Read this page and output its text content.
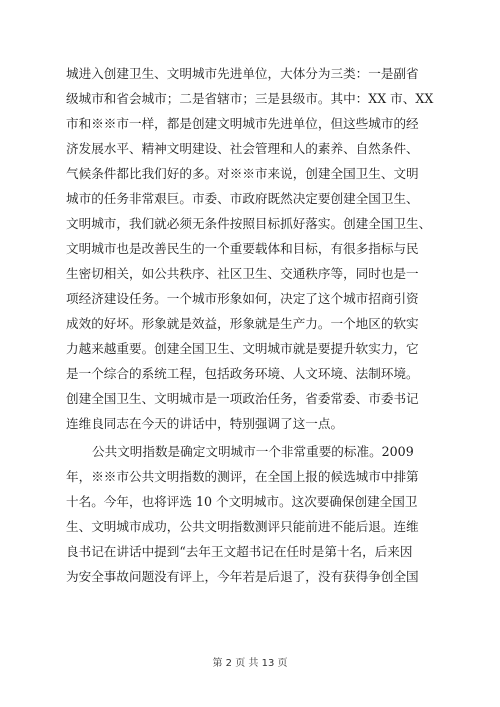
城进入创建卫生、文明城市先进单位，大体分为三类：一是副省
级城市和省会城市；二是省辖市；三是县级市。其中：XX 市、XX
市和※※市一样，都是创建文明城市先进单位，但这些城市的经
济发展水平、精神文明建设、社会管理和人的素养、自然条件、
气候条件都比我们好的多。对※※市来说，创建全国卫生、文明
城市的任务非常艰巨。市委、市政府既然决定要创建全国卫生、
文明城市，我们就必须无条件按照目标抓好落实。创建全国卫生、
文明城市也是改善民生的一个重要载体和目标，有很多指标与民
生密切相关，如公共秩序、社区卫生、交通秩序等，同时也是一
项经济建设任务。一个城市形象如何，决定了这个城市招商引资
成效的好坏。形象就是效益，形象就是生产力。一个地区的软实
力越来越重要。创建全国卫生、文明城市就是要提升软实力，它
是一个综合的系统工程，包括政务环境、人文环境、法制环境。
创建全国卫生、文明城市是一项政治任务，省委常委、市委书记
连维良同志在今天的讲话中，特别强调了这一点。
公共文明指数是确定文明城市一个非常重要的标准。2009
年，※※市公共文明指数的测评，在全国上报的候选城市中排第
十名。今年，也将评选 10 个文明城市。这次要确保创建全国卫
生、文明城市成功，公共文明指数测评只能前进不能后退。连维
良书记在讲话中提到“去年王文超书记在任时是第十名，后来因
为安全事故问题没有评上，今年若是后退了，没有获得争创全国
第 2 页 共 13 页
